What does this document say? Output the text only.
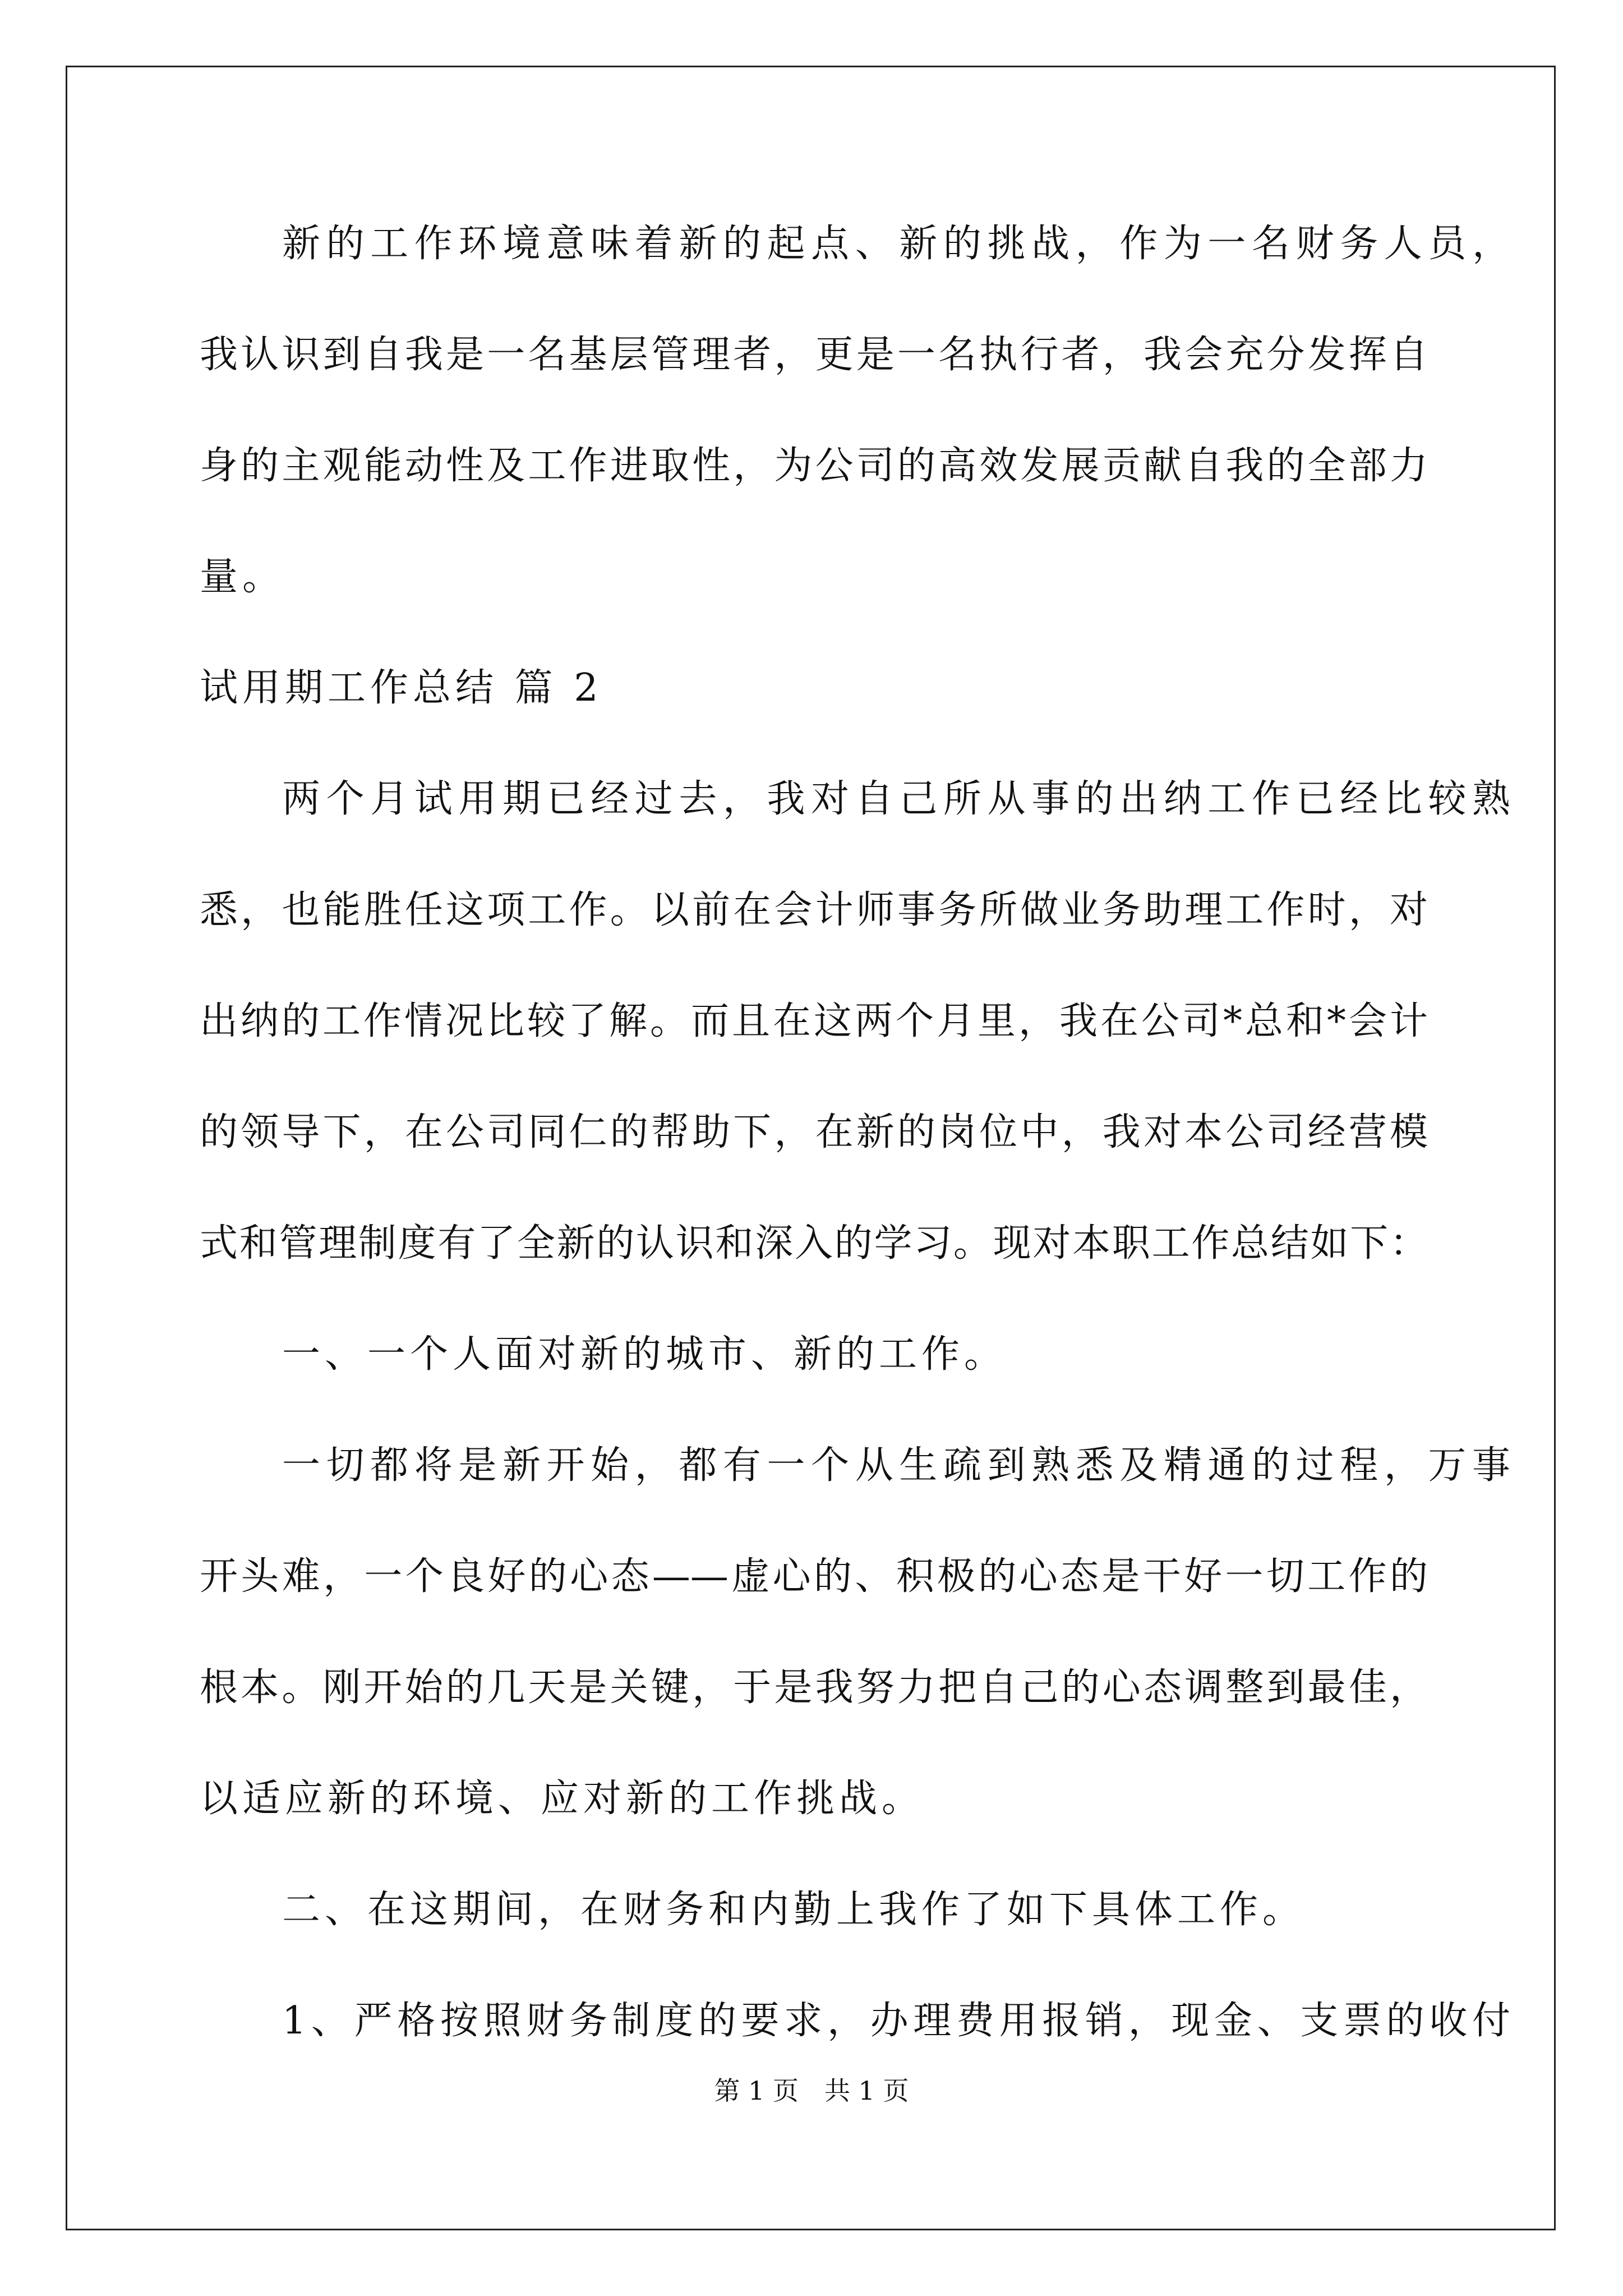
新的工作环境意味着新的起点、新的挑战，作为一名财务人员，
我认识到自我是一名基层管理者，更是一名执行者，我会充分发挥自
身的主观能动性及工作进取性，为公司的高效发展贡献自我的全部力
量。
试用期工作总结 篇 2
两个月试用期已经过去，我对自己所从事的出纳工作已经比较熟
悉，也能胜任这项工作。以前在会计师事务所做业务助理工作时，对
出纳的工作情况比较了解。而且在这两个月里，我在公司*总和*会计
的领导下，在公司同仁的帮助下，在新的岗位中，我对本公司经营模
式和管理制度有了全新的认识和深入的学习。现对本职工作总结如下：
一、一个人面对新的城市、新的工作。
一切都将是新开始，都有一个从生疏到熟悉及精通的过程，万事
开头难，一个良好的心态——虚心的、积极的心态是干好一切工作的
根本。刚开始的几天是关键，于是我努力把自己的心态调整到最佳，
以适应新的环境、应对新的工作挑战。
二、在这期间，在财务和内勤上我作了如下具体工作。
1、严格按照财务制度的要求，办理费用报销，现金、支票的收付
第 1 页　共 1 页
